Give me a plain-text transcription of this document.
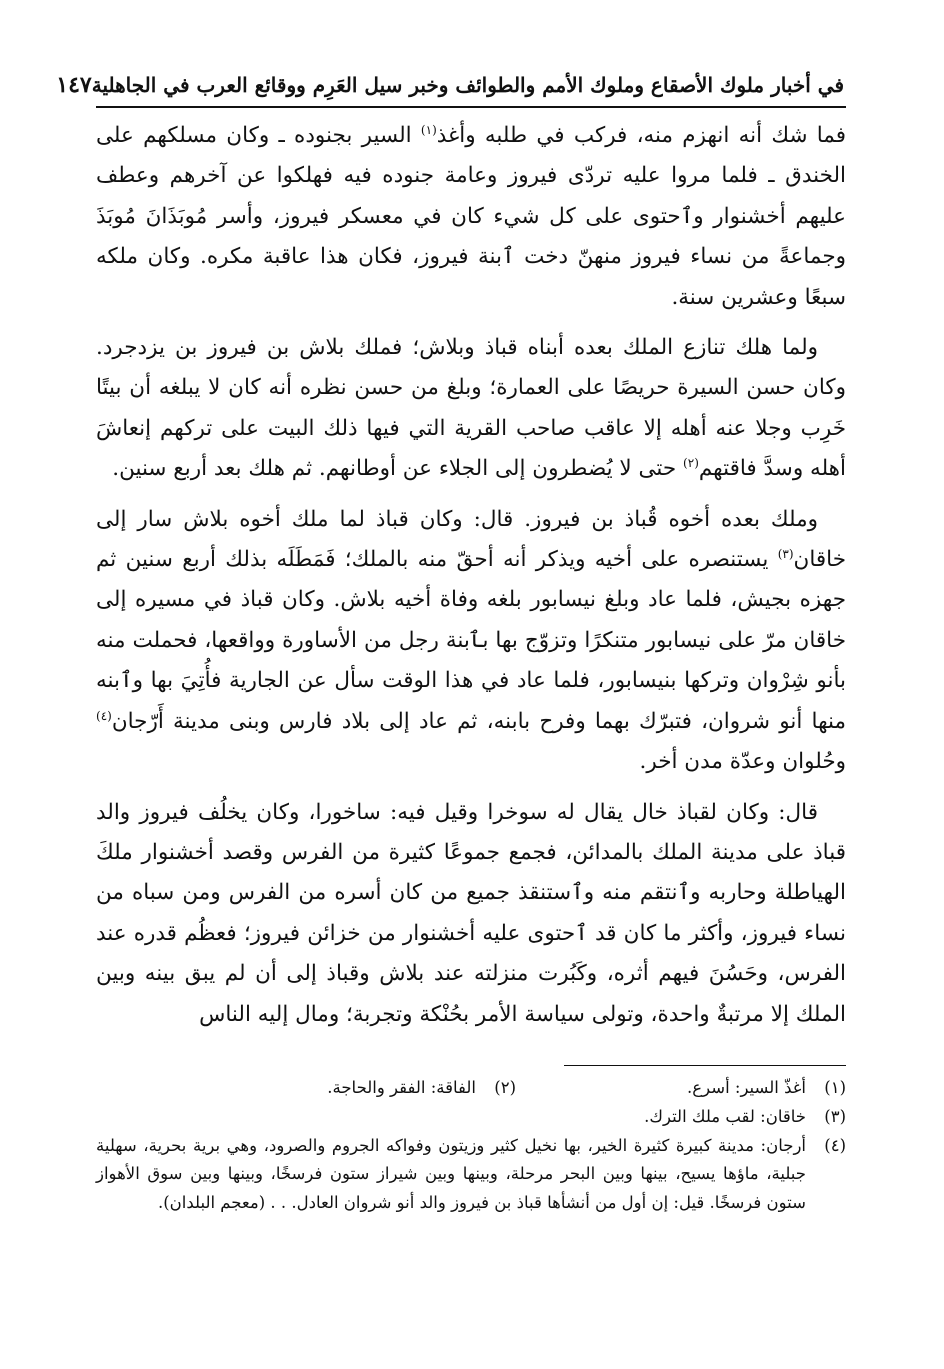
في أخبار ملوك الأصقاع وملوك الأمم والطوائف وخبر سيل العَرِم ووقائع العرب في الجاهلية
١٤٧

فما شك أنه انهزم منه، فركب في طلبه وأغذ$^{(١)}$ السير بجنوده ـ وكان مسلكهم على الخندق ـ فلما مروا عليه تردّى فيروز وعامة جنوده فيه فهلكوا عن آخرهم وعطف عليهم أخشنوار وٱحتوى على كل شيء كان في معسكر فيروز، وأسر مُوبَذَانَ مُوبَذَ وجماعةً من نساء فيروز منهنّ دخت ٱبنة فيروز، فكان هذا عاقبة مكره. وكان ملكه سبعًا وعشرين سنة.

ولما هلك تنازع الملك بعده أبناه قباذ وبلاش؛ فملك بلاش بن فيروز بن يزدجرد. وكان حسن السيرة حريصًا على العمارة؛ وبلغ من حسن نظره أنه كان لا يبلغه أن بيتًا خَرِب وجلا عنه أهله إلا عاقب صاحب القرية التي فيها ذلك البيت على تركهم إنعاشَ أهله وسدَّ فاقتهم$^{(٢)}$ حتى لا يُضطرون إلى الجلاء عن أوطانهم. ثم هلك بعد أربع سنين.

وملك بعده أخوه قُباذ بن فيروز. قال: وكان قباذ لما ملك أخوه بلاش سار إلى خاقان$^{(٣)}$ يستنصره على أخيه ويذكر أنه أحقّ منه بالملك؛ فَمَطَلَه بذلك أربع سنين ثم جهزه بجيش، فلما عاد وبلغ نيسابور بلغه وفاة أخيه بلاش. وكان قباذ في مسيره إلى خاقان مرّ على نيسابور متنكرًا وتزوّج بها بٱبنة رجل من الأساورة وواقعها، فحملت منه بأنو شِرْوان وتركها بنيسابور، فلما عاد في هذا الوقت سأل عن الجارية فأُتِيَ بها وٱبنه منها أنو شروان، فتبرّك بهما وفرح بابنه، ثم عاد إلى بلاد فارس وبنى مدينة أَرّجان$^{(٤)}$ وحُلوان وعدّة مدن أخر.

قال: وكان لقباذ خال يقال له سوخرا وقيل فيه: ساخورا، وكان يخلُف فيروز والد قباذ على مدينة الملك بالمدائن، فجمع جموعًا كثيرة من الفرس وقصد أخشنوار ملكَ الهياطلة وحاربه وٱنتقم منه وٱستنقذ جميع من كان أسره من الفرس ومن سباه من نساء فيروز، وأكثر ما كان قد ٱحتوى عليه أخشنوار من خزائن فيروز؛ فعظُم قدره عند الفرس، وحَسُنَ فيهم أثره، وكَبُرت منزلته عند بلاش وقباذ إلى أن لم يبق بينه وبين الملك إلا مرتبةٌ واحدة، وتولى سياسة الأمر بحُنْكة وتجربة؛ ومال إليه الناس

(١)
أغذّ السير: أسرع.
(٢)
الفاقة: الفقر والحاجة.
(٣)
خاقان: لقب ملك الترك.
(٤)
أرجان: مدينة كبيرة كثيرة الخير، بها نخيل كثير وزيتون وفواكه الجروم والصرود، وهي برية بحرية، سهلية جبلية، ماؤها يسيح، بينها وبين البحر مرحلة، وبينها وبين شيراز ستون فرسخًا، وبينها وبين سوق الأهواز ستون فرسخًا. قيل: إن أول من أنشأها قباذ بن فيروز والد أنو شروان العادل. . . (معجم البلدان).
